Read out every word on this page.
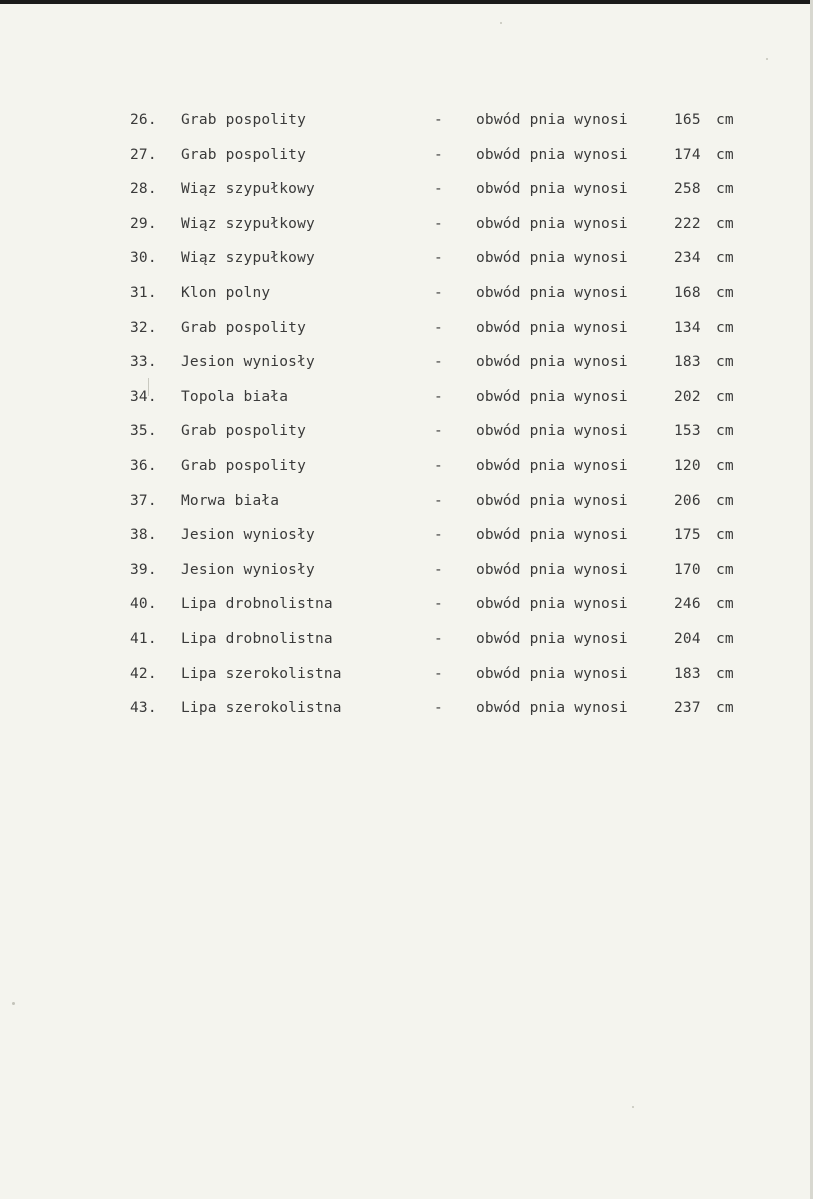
26. Grab pospolity	- obwód pnia wynosi	165 cm
27. Grab pospolity	- obwód pnia wynosi	174 cm
28. Wiąz szypułkowy	- obwód pnia wynosi	258 cm
29. Wiąz szypułkowy	- obwód pnia wynosi	222 cm
30. Wiąz szypułkowy	- obwód pnia wynosi	234 cm
31. Klon polny	- obwód pnia wynosi	168 cm
32. Grab pospolity	- obwód pnia wynosi	134 cm
33. Jesion wyniosły	- obwód pnia wynosi	183 cm
34. Topola biała	- obwód pnia wynosi	202 cm
35. Grab pospolity	- obwód pnia wynosi	153 cm
36. Grab pospolity	- obwód pnia wynosi	120 cm
37. Morwa biała	- obwód pnia wynosi	206 cm
38. Jesion wyniosły	- obwód pnia wynosi	175 cm
39. Jesion wyniosły	- obwód pnia wynosi	170 cm
40. Lipa drobnolistna	- obwód pnia wynosi	246 cm
41. Lipa drobnolistna	- obwód pnia wynosi	204 cm
42. Lipa szerokolistna	- obwód pnia wynosi	183 cm
43. Lipa szerokolistna	- obwód pnia wynosi	237 cm
